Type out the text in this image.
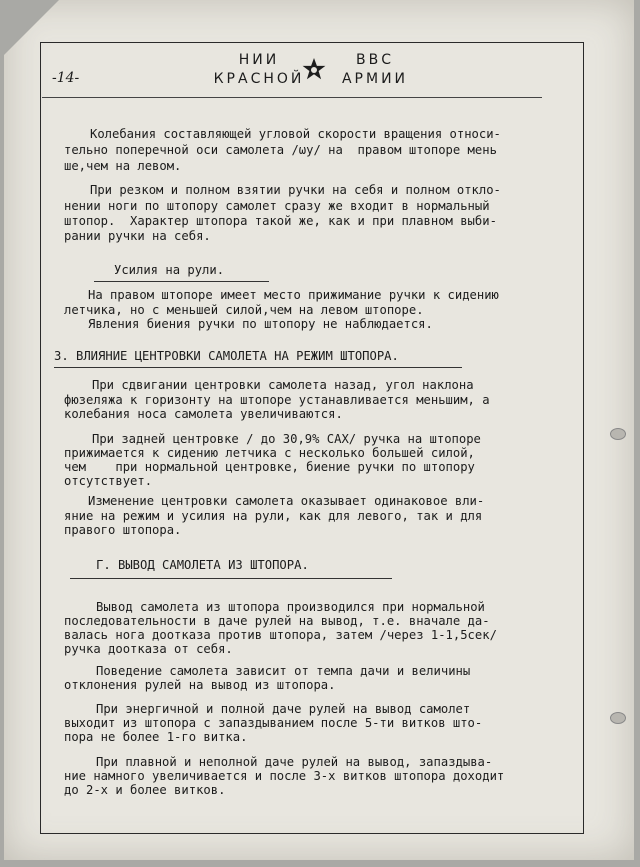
НИИ
КРАСНОЙ
ВВС
АРМИИ
-14-
Колебания составляющей угловой скорости вращения относи-
тельно поперечной оси самолета /ωу/ на  правом штопоре мень
ше,чем на левом.
При резком и полном взятии ручки на себя и полном откло-
нении ноги по штопору самолет сразу же входит в нормальный
штопор.  Характер штопора такой же, как и при плавном выби-
рании ручки на себя.
Усилия на рули.
На правом штопоре имеет место прижимание ручки к сидению
летчика, но с меньшей силой,чем на левом штопоре.
Явления биения ручки по штопору не наблюдается.
3. ВЛИЯНИЕ ЦЕНТРОВКИ САМОЛЕТА НА РЕЖИМ ШТОПОРА.
При сдвигании центровки самолета назад, угол наклона
фюзеляжа к горизонту на штопоре устанавливается меньшим, а
колебания носа самолета увеличиваются.
При задней центровке / до 30,9% САХ/ ручка на штопоре
прижимается к сидению летчика с несколько большей силой,
чем    при нормальной центровке, биение ручки по штопору
отсутствует.
Изменение центровки самолета оказывает одинаковое вли-
яние на режим и усилия на рули, как для левого, так и для
правого штопора.
Г. ВЫВОД САМОЛЕТА ИЗ ШТОПОРА.
Вывод самолета из штопора производился при нормальной
последовательности в даче рулей на вывод, т.е. вначале да-
валась нога доотказа против штопора, затем /через 1-1,5сек/
ручка доотказа от себя.
Поведение самолета зависит от темпа дачи и величины
отклонения рулей на вывод из штопора.
При энергичной и полной даче рулей на вывод самолет
выходит из штопора с запаздыванием после 5-ти витков што-
пора не более 1-го витка.
При плавной и неполной даче рулей на вывод, запаздыва-
ние намного увеличивается и после 3-х витков штопора доходит
до 2-х и более витков.
